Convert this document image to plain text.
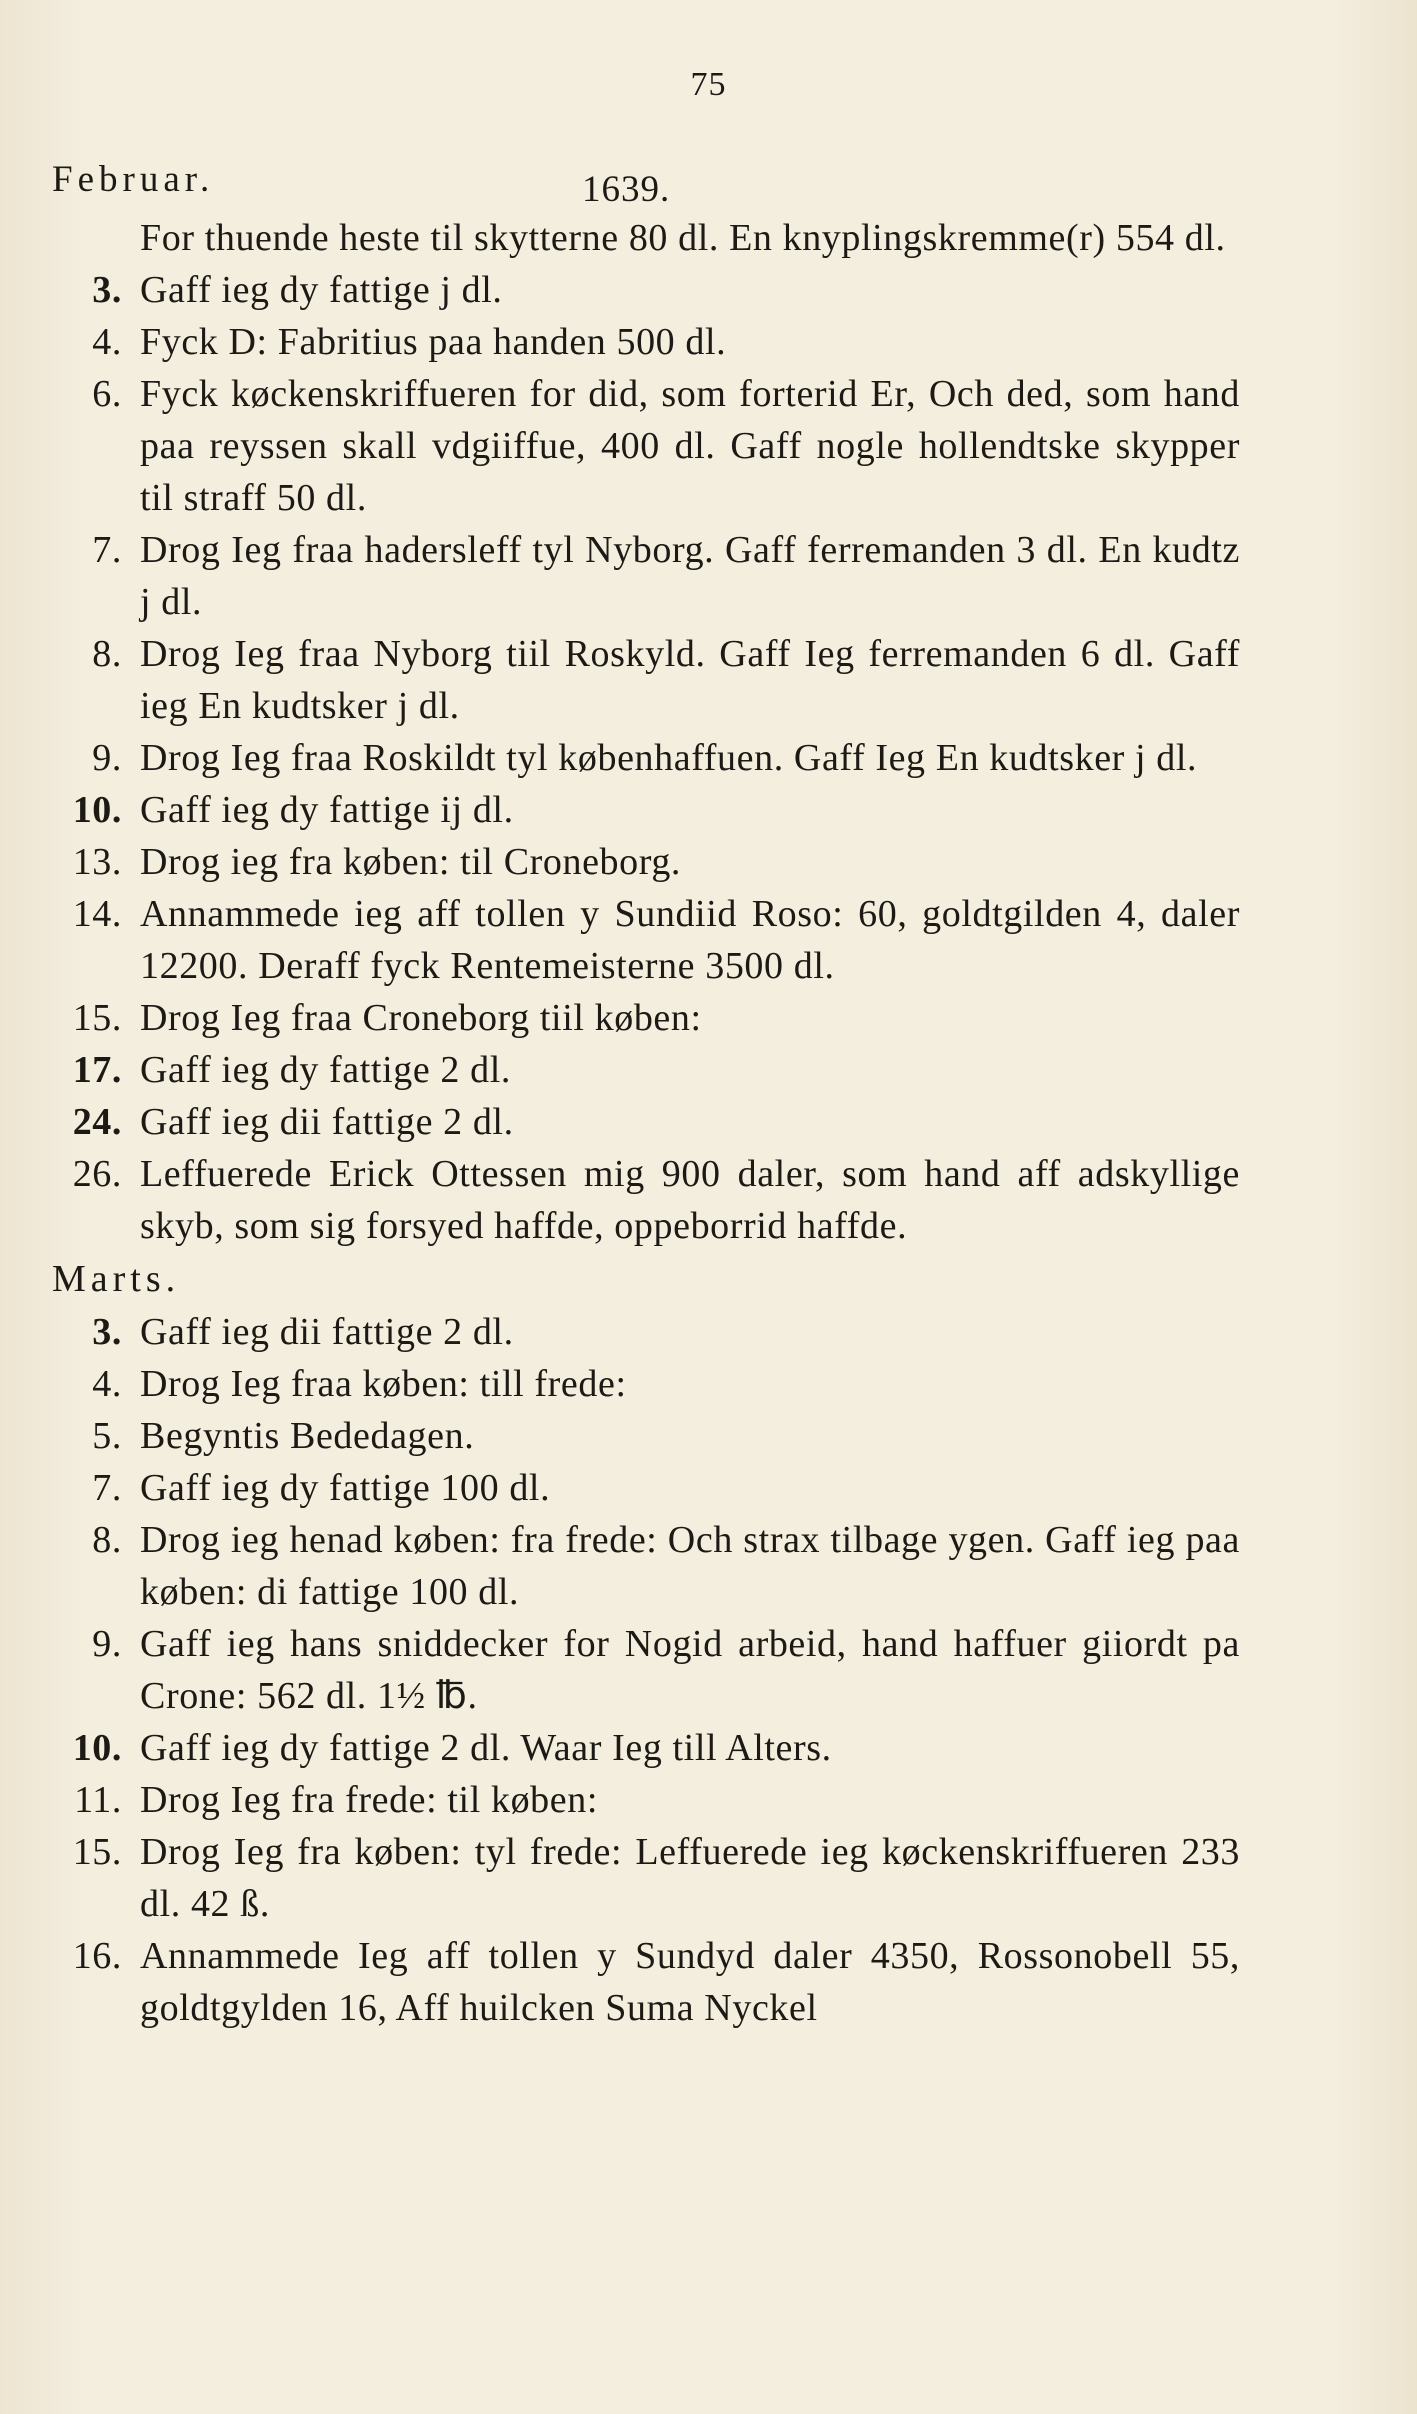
75
Februar.	1639.

For thuende heste til skytterne 80 dl. En knyplingskremme(r) 554 dl.

3. Gaff ieg dy fattige j dl.

4. Fyck D: Fabritius paa handen 500 dl.

6. Fyck køckenskriffueren for did, som forterid Er, Och ded, som hand paa reyssen skall vdgiiffue, 400 dl. Gaff nogle hollendtske skypper til straff 50 dl.

7. Drog Ieg fraa hadersleff tyl Nyborg. Gaff ferremanden 3 dl. En kudtz j dl.

8. Drog Ieg fraa Nyborg tiil Roskyld. Gaff Ieg ferremanden 6 dl. Gaff ieg En kudtsker j dl.

9. Drog Ieg fraa Roskildt tyl københaffuen. Gaff Ieg En kudtsker j dl.

10. Gaff ieg dy fattige ij dl.

13. Drog ieg fra køben: til Croneborg.

14. Annammede ieg aff tollen y Sundiid Roso: 60, goldtgilden 4, daler 12200. Deraff fyck Rentemeisterne 3500 dl.

15. Drog Ieg fraa Croneborg tiil køben:

17. Gaff ieg dy fattige 2 dl.

24. Gaff ieg dii fattige 2 dl.

26. Leffuerede Erick Ottessen mig 900 daler, som hand aff adskyllige skyb, som sig forsyed haffde, oppeborrid haffde.

Marts.

3. Gaff ieg dii fattige 2 dl.

4. Drog Ieg fraa køben: till frede:

5. Begyntis Bededagen.

7. Gaff ieg dy fattige 100 dl.

8. Drog ieg henad køben: fra frede: Och strax tilbage ygen. Gaff ieg paa køben: di fattige 100 dl.

9. Gaff ieg hans sniddecker for Nogid arbeid, hand haffuer giiordt pa Crone: 562 dl. 1½ ℔.

10. Gaff ieg dy fattige 2 dl. Waar Ieg till Alters.

11. Drog Ieg fra frede: til køben:

15. Drog Ieg fra køben: tyl frede: Leffuerede ieg køckenskriffueren 233 dl. 42 ß.

16. Annammede Ieg aff tollen y Sundyd daler 4350, Rossonobell 55, goldtgylden 16, Aff huilcken Suma Nyckel
